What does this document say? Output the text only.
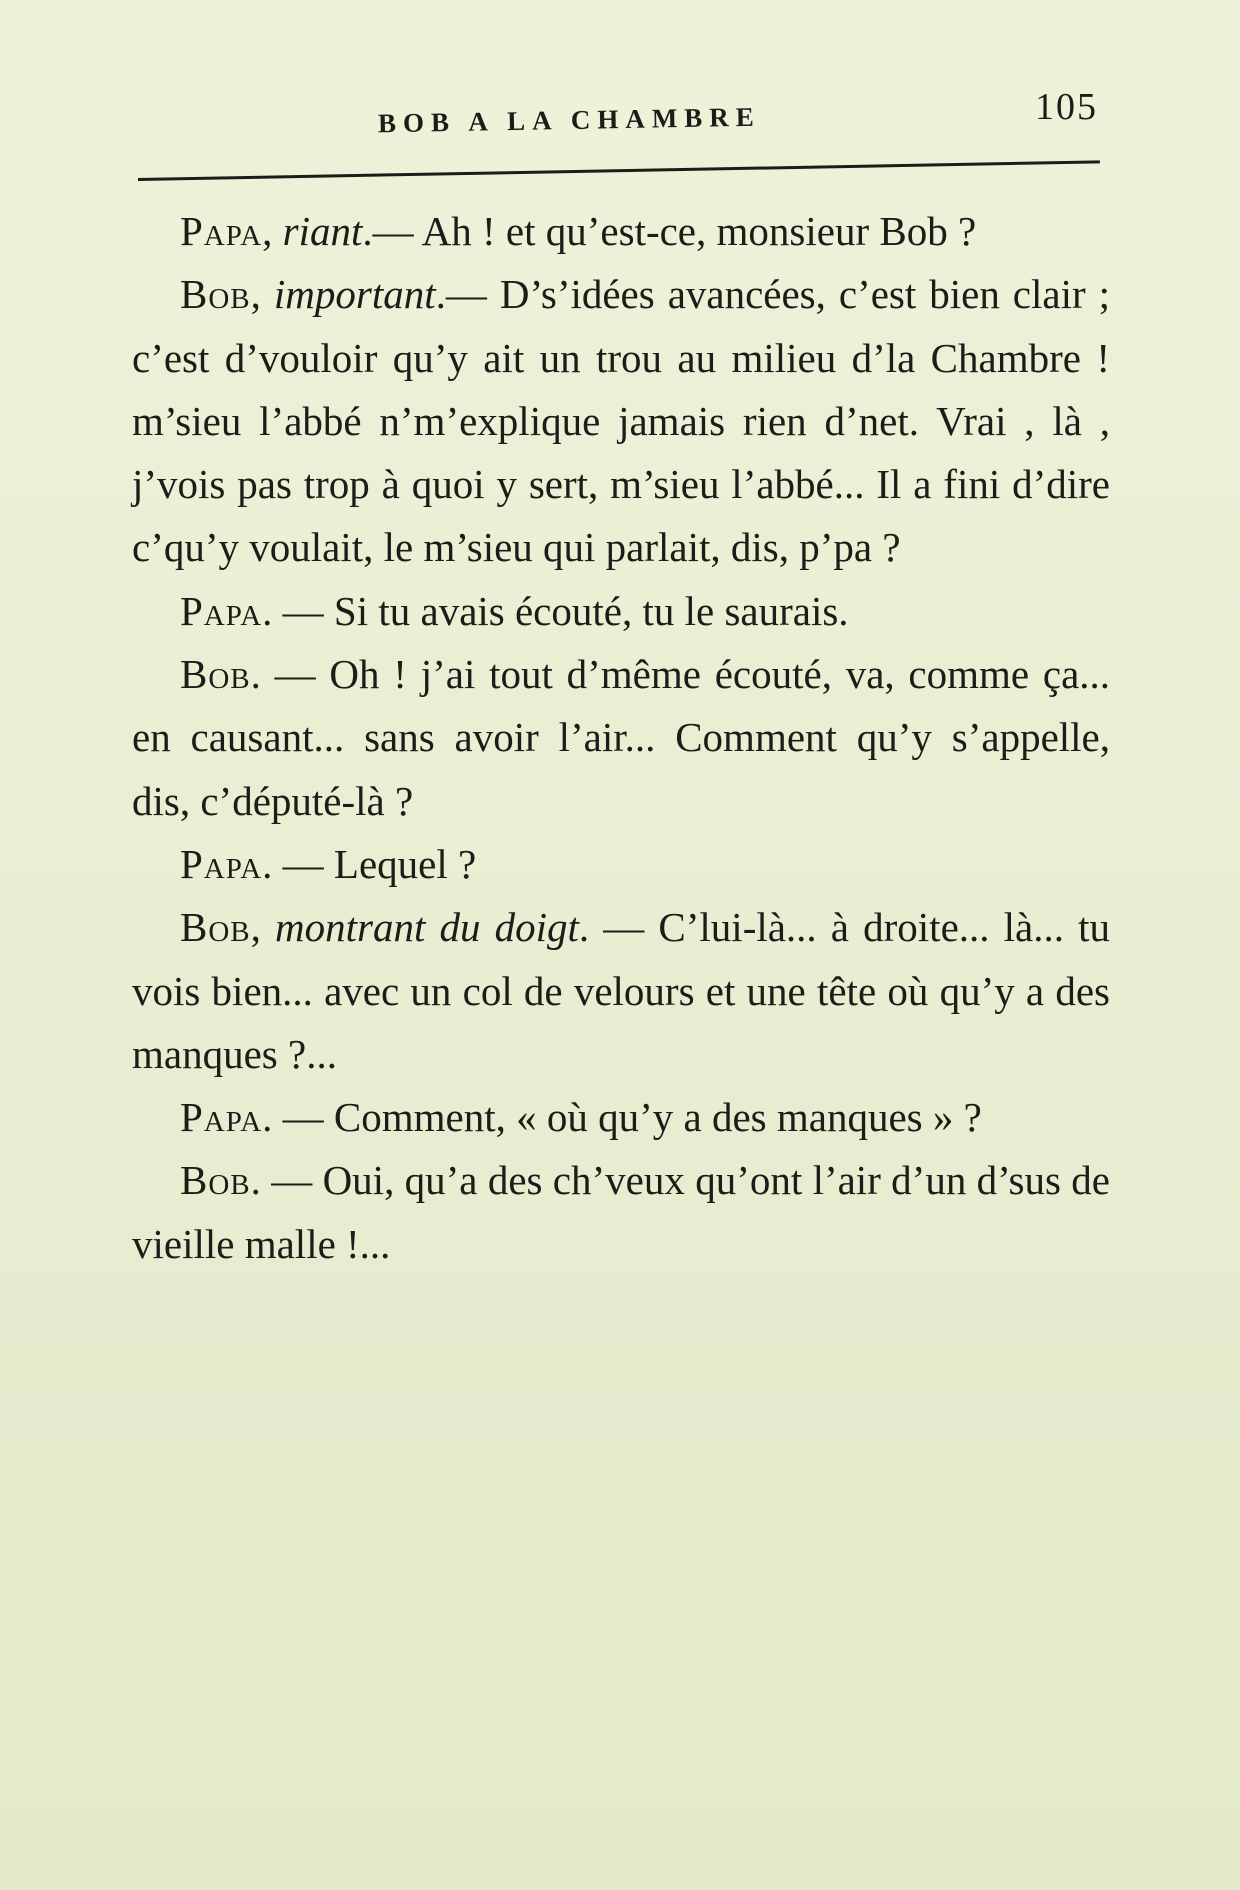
BOB A LA CHAMBRE	105

Papa, riant.— Ah ! et qu’est-ce, monsieur Bob ?

Bob, important.— D’s’idées avancées, c’est bien clair ; c’est d’vouloir qu’y ait un trou au milieu d’la Chambre ! m’sieu l’abbé n’m’explique jamais rien d’net. Vrai , là , j’vois pas trop à quoi y sert, m’sieu l’abbé... Il a fini d’dire c’qu’y voulait, le m’sieu qui parlait, dis, p’pa ?

Papa. — Si tu avais écouté, tu le saurais.

Bob. — Oh ! j’ai tout d’même écouté, va, comme ça... en causant... sans avoir l’air... Comment qu’y s’appelle, dis, c’député-là ?

Papa. — Lequel ?

Bob, montrant du doigt. — C’lui-là... à droite... là... tu vois bien... avec un col de velours et une tête où qu’y a des manques ?...

Papa. — Comment, « où qu’y a des manques » ?

Bob. — Oui, qu’a des ch’veux qu’ont l’air d’un d’sus de vieille malle !...
